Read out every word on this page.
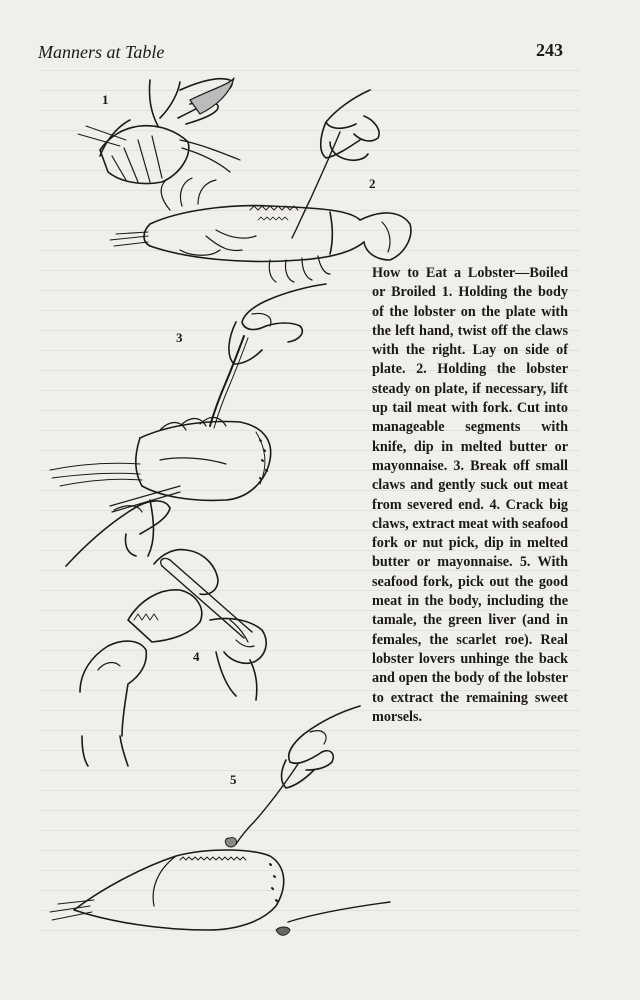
Manners at Table	243
1
2
3
4
5
How to Eat a Lobster—Boiled or Broiled 1. Holding the body of the lobster on the plate with the left hand, twist off the claws with the right. Lay on side of plate. 2. Holding the lobster steady on plate, if necessary, lift up tail meat with fork. Cut into manageable segments with knife, dip in melted butter or mayonnaise. 3. Break off small claws and gently suck out meat from severed end. 4. Crack big claws, extract meat with seafood fork or nut pick, dip in melted butter or mayonnaise. 5. With seafood fork, pick out the good meat in the body, including the tamale, the green liver (and in females, the scarlet roe). Real lobster lovers unhinge the back and open the body of the lobster to extract the remaining sweet morsels.
